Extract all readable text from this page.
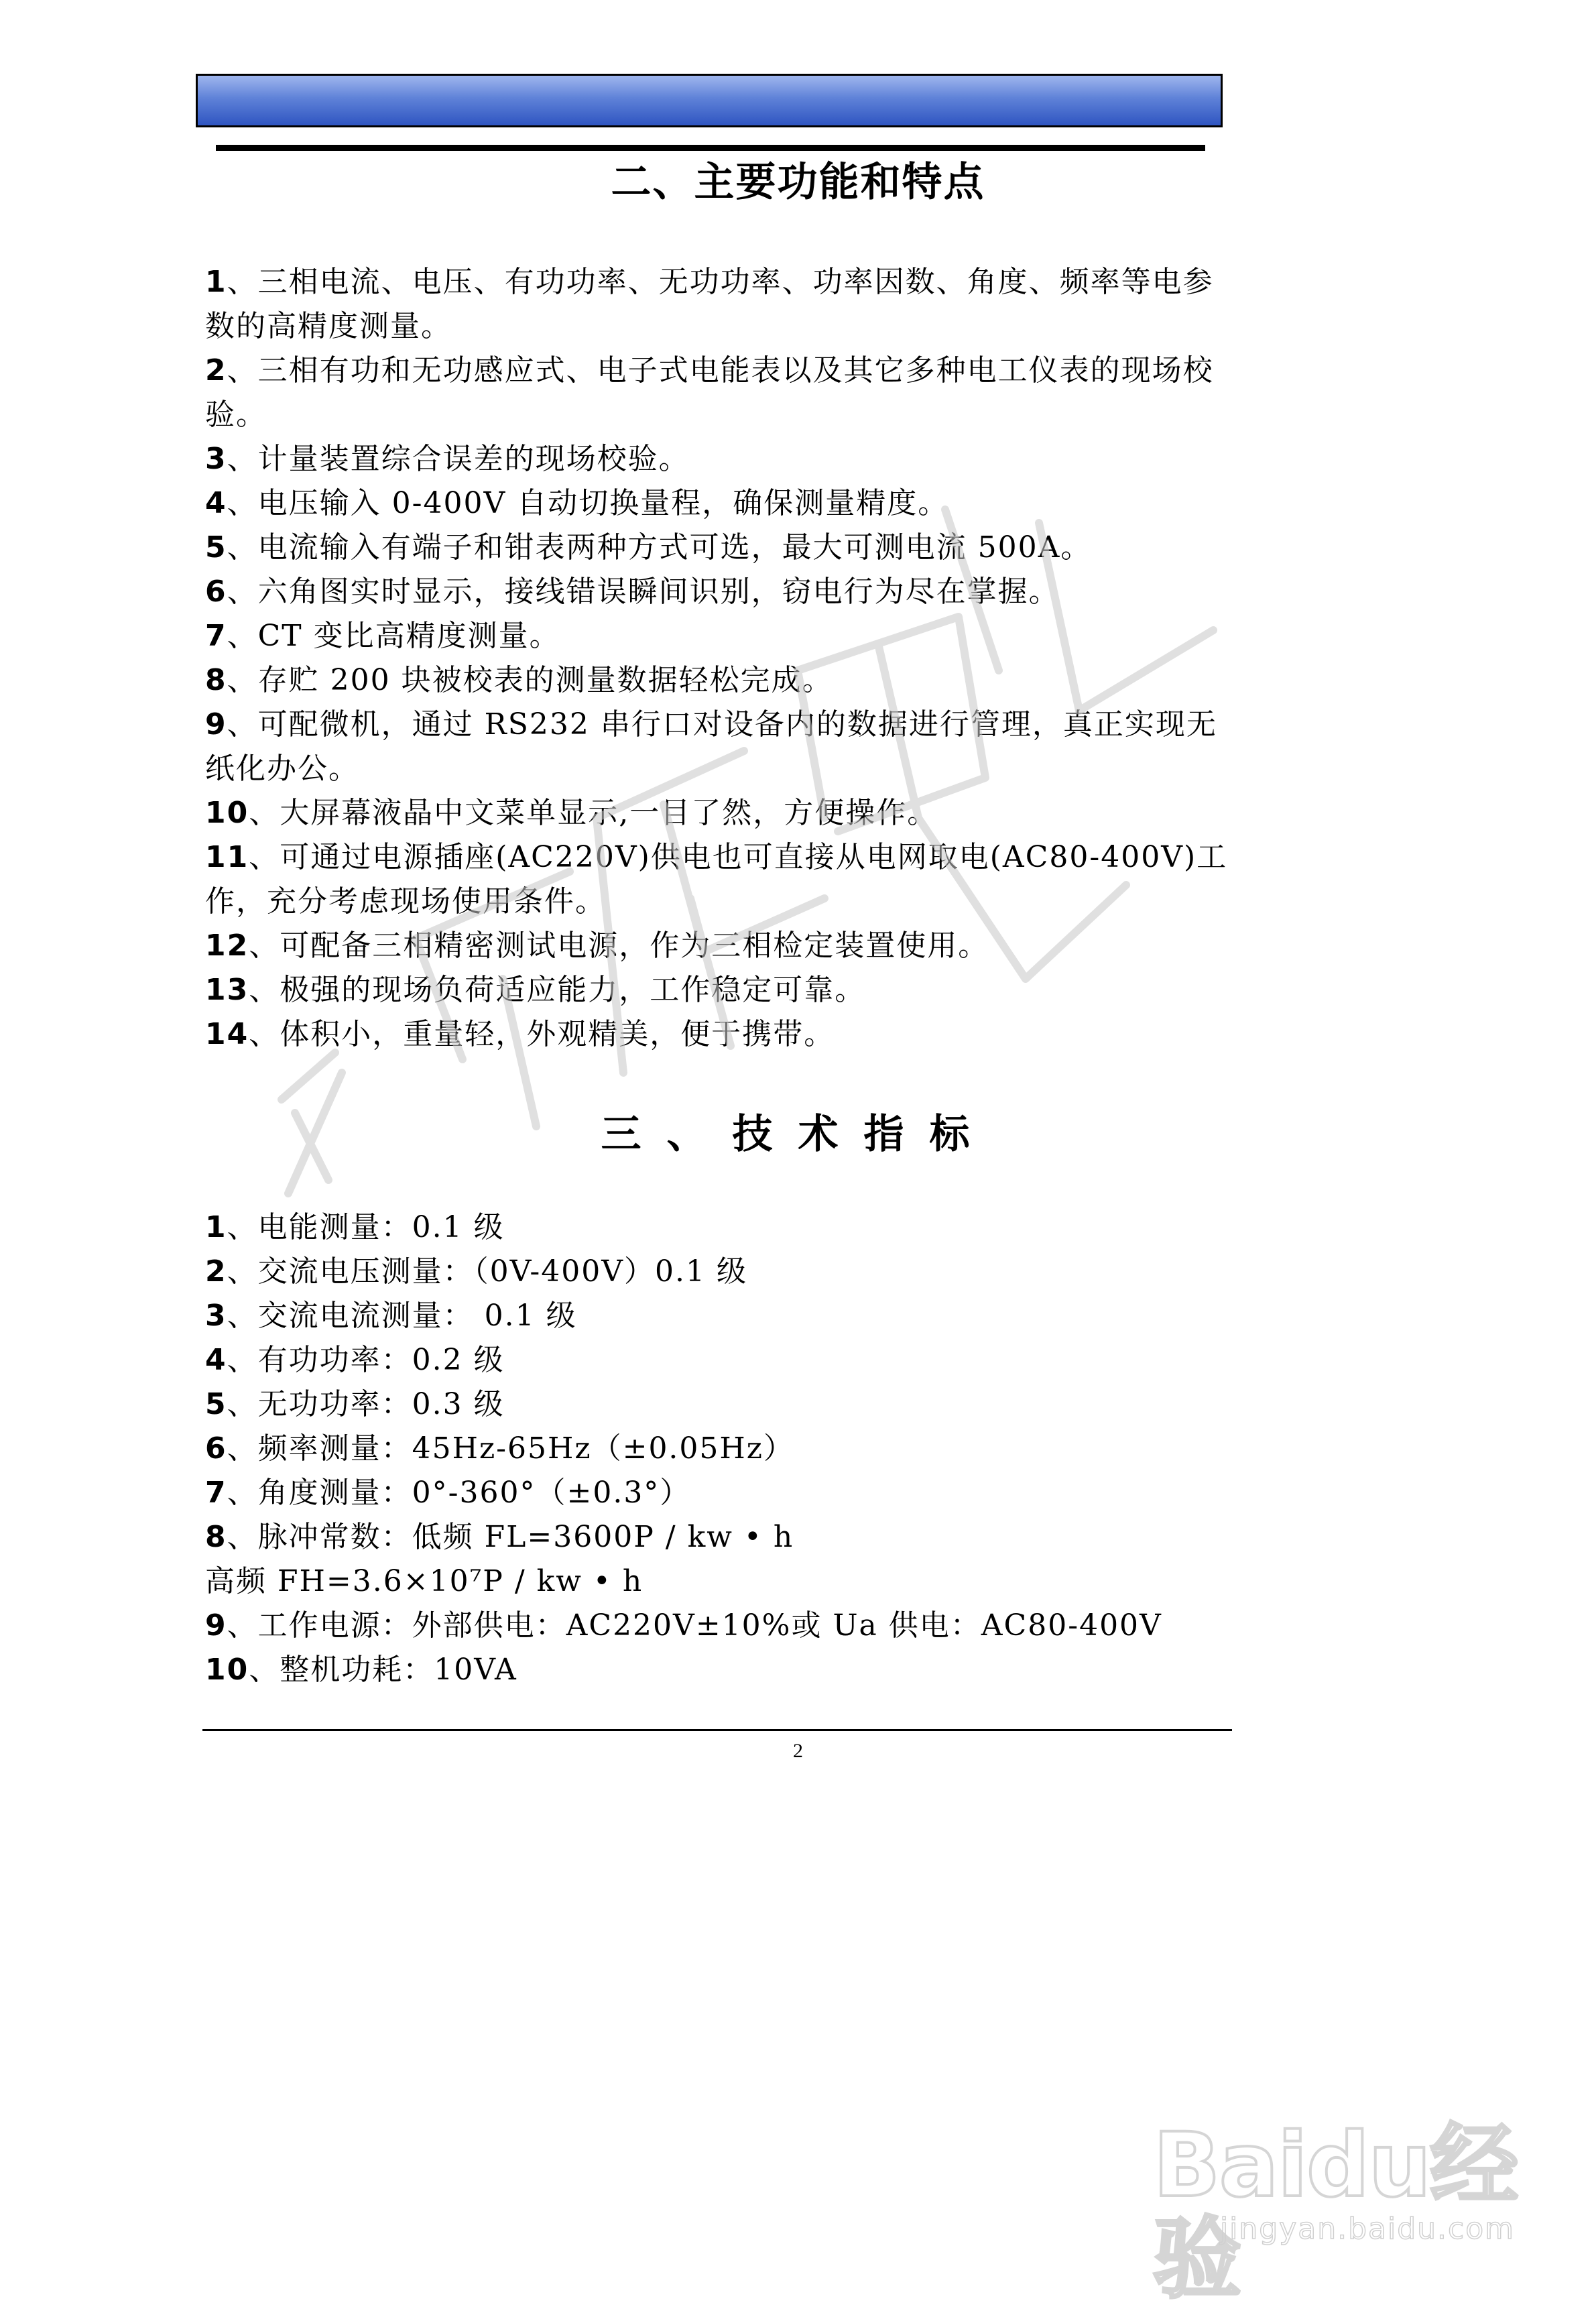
二、主要功能和特点
1、三相电流、电压、有功功率、无功功率、功率因数、角度、频率等电参数的高精度测量。
2、三相有功和无功感应式、电子式电能表以及其它多种电工仪表的现场校验。
3、计量装置综合误差的现场校验。
4、电压输入 0-400V 自动切换量程，确保测量精度。
5、电流输入有端子和钳表两种方式可选，最大可测电流 500A。
6、六角图实时显示，接线错误瞬间识别，窃电行为尽在掌握。
7、CT 变比高精度测量。
8、存贮 200 块被校表的测量数据轻松完成。
9、可配微机，通过 RS232 串行口对设备内的数据进行管理，真正实现无纸化办公。
10、大屏幕液晶中文菜单显示,一目了然，方便操作。
11、可通过电源插座(AC220V)供电也可直接从电网取电(AC80-400V)工作，充分考虑现场使用条件。
12、可配备三相精密测试电源，作为三相检定装置使用。
13、极强的现场负荷适应能力，工作稳定可靠。
14、体积小，重量轻，外观精美，便于携带。
三、技术指标
1、电能测量：0.1 级
2、交流电压测量：（0V-400V）0.1 级
3、交流电流测量： 0.1 级
4、有功功率：0.2 级
5、无功功率：0.3 级
6、频率测量：45Hz-65Hz（±0.05Hz）
7、角度测量：0°-360°（±0.3°）
8、脉冲常数：低频 FL=3600P / kw • h
高频 FH=3.6×10⁷P / kw • h
9、工作电源：外部供电：AC220V±10%或 Ua 供电：AC80-400V
10、整机功耗：10VA
2
Baidu经验
jingyan.baidu.com
